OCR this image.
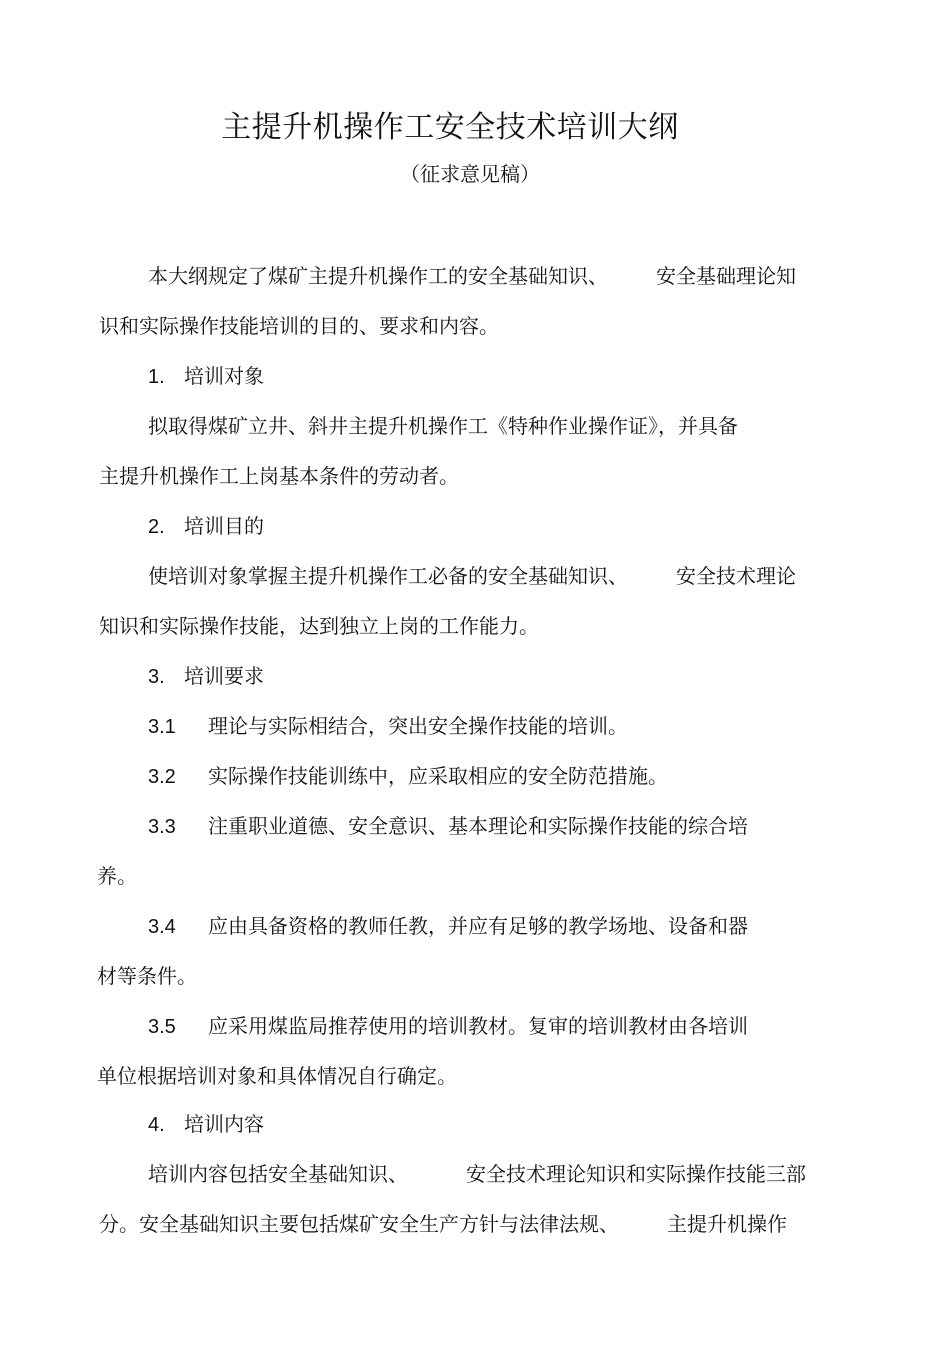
主提升机操作工安全技术培训大纲
（征求意见稿）
本大纲规定了煤矿主提升机操作工的安全基础知识、 安全基础理论知
识和实际操作技能培训的目的、要求和内容。
1. 培训对象
拟取得煤矿立井、斜井主提升机操作工《特种作业操作证》，并具备
主提升机操作工上岗基本条件的劳动者。
2. 培训目的
使培训对象掌握主提升机操作工必备的安全基础知识、 安全技术理论
知识和实际操作技能，达到独立上岗的工作能力。
3. 培训要求
3.1 理论与实际相结合，突出安全操作技能的培训。
3.2 实际操作技能训练中，应采取相应的安全防范措施。
3.3 注重职业道德、安全意识、基本理论和实际操作技能的综合培
养。
3.4 应由具备资格的教师任教，并应有足够的教学场地、设备和器
材等条件。
3.5 应采用煤监局推荐使用的培训教材。复审的培训教材由各培训
单位根据培训对象和具体情况自行确定。
4. 培训内容
培训内容包括安全基础知识、	安全技术理论知识和实际操作技能三部
分。安全基础知识主要包括煤矿安全生产方针与法律法规、 主提升机操作
